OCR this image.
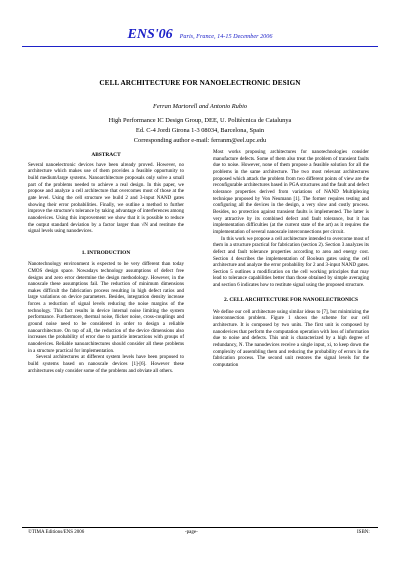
ENS'06 Paris, France, 14-15 December 2006
CELL ARCHITECTURE FOR NANOELECTRONIC DESIGN
Ferran Martorell and Antonio Rubio
High Performance IC Design Group, DEE, U. Politècnica de Catalunya
Ed. C-4 Jordi Girona 1-3 08034, Barcelona, Spain
Corresponding author e-mail: ferranm@eel.upc.edu
ABSTRACT
Several nanoelectronic devices have been already proved. However, no architecture which makes use of them provides a feasible opportunity to build medium/large systems. Nanoarchitecture proposals only solve a small part of the problems needed to achieve a real design. In this paper, we propose and analyze a cell architecture that overcomes most of those at the gate level. Using the cell structure we build 2 and 3-input NAND gates showing their error probabilities. Finally, we outline a method to further improve the structure's tolerance by taking advantage of interferences among nanodevices. Using this improvement we show that it is possible to reduce the output standard deviation by a factor larger than √N and restitute the signal levels using nanodevices.
1. INTRODUCTION
Nanotechnology environment is expected to be very different than today CMOS design space. Nowadays technology assumptions of defect free designs and zero error determine the design methodology. However, in the nanoscale these assumptions fail. The reduction of minimum dimensions makes difficult the fabrication process resulting in high defect ratios and large variations on device parameters. Besides, integration density increase forces a reduction of signal levels reducing the noise margins of the technology. This fact results in device internal noise limiting the system performance. Furthermore, thermal noise, flicker noise, cross-couplings and ground noise need to be considered in order to design a reliable nanoarchitecture. On top of all, the reduction of the device dimensions also increases the probability of error due to particle interactions with groups of nanodevices. Reliable nanoarchitectures should consider all these problems in a structure practical for implementation.
Several architectures at different system levels have been proposed to build systems based on nanoscale devices [1]-[6]. However these architectures only consider some of the problems and obviate all others.
Most works proposing architectures for nanotechnologies consider manufacture defects. Some of them also treat the problem of transient faults due to noise. However, none of them propose a feasible solution for all the problems in the same architecture. The two most relevant architectures proposed which attack the problem from two different points of view are the reconfigurable architectures based in PGA structures and the fault and defect tolerance properties derived from variations of NAND Multiplexing technique proposed by Von Neumann [1]. The former requires testing and configuring all the devices in the design, a very slow and costly process. Besides, no protection against transient faults is implemented. The latter is very attractive by its combined defect and fault tolerance, but it has implementation difficulties (at the current state of the art) as it requires the implementation of several nanoscale interconnections per circuit.
In this work we propose a cell architecture intended to overcome most of them in a structure practical for fabrication (section 2). Section 3 analyzes its defect and fault tolerance properties according to area and energy cost. Section 4 describes the implementation of Boolean gates using the cell architecture and analyze the error probability for 2 and 3-input NAND gates. Section 5 outlines a modification on the cell working principles that may lead to tolerance capabilities better than those obtained by simple averaging and section 6 indicates how to restitute signal using the proposed structure.
2. CELL ARCHITECTURE FOR NANOELECTRONICS
We define our cell architecture using similar ideas to [7], but minimizing the interconnection problem. Figure 1 shows the scheme for our cell architecture. It is composed by two units. The first unit is composed by nanodevices that perform the computation operation with loss of information due to noise and defects. This unit is characterized by a high degree of redundancy, N. The nanodevices receive a single input, xi, to keep down the complexity of assembling them and reducing the probability of errors in the fabrication process. The second unit restores the signal levels for the computation
©TIMA Editions/ENS 2006	-page-	ISBN:
